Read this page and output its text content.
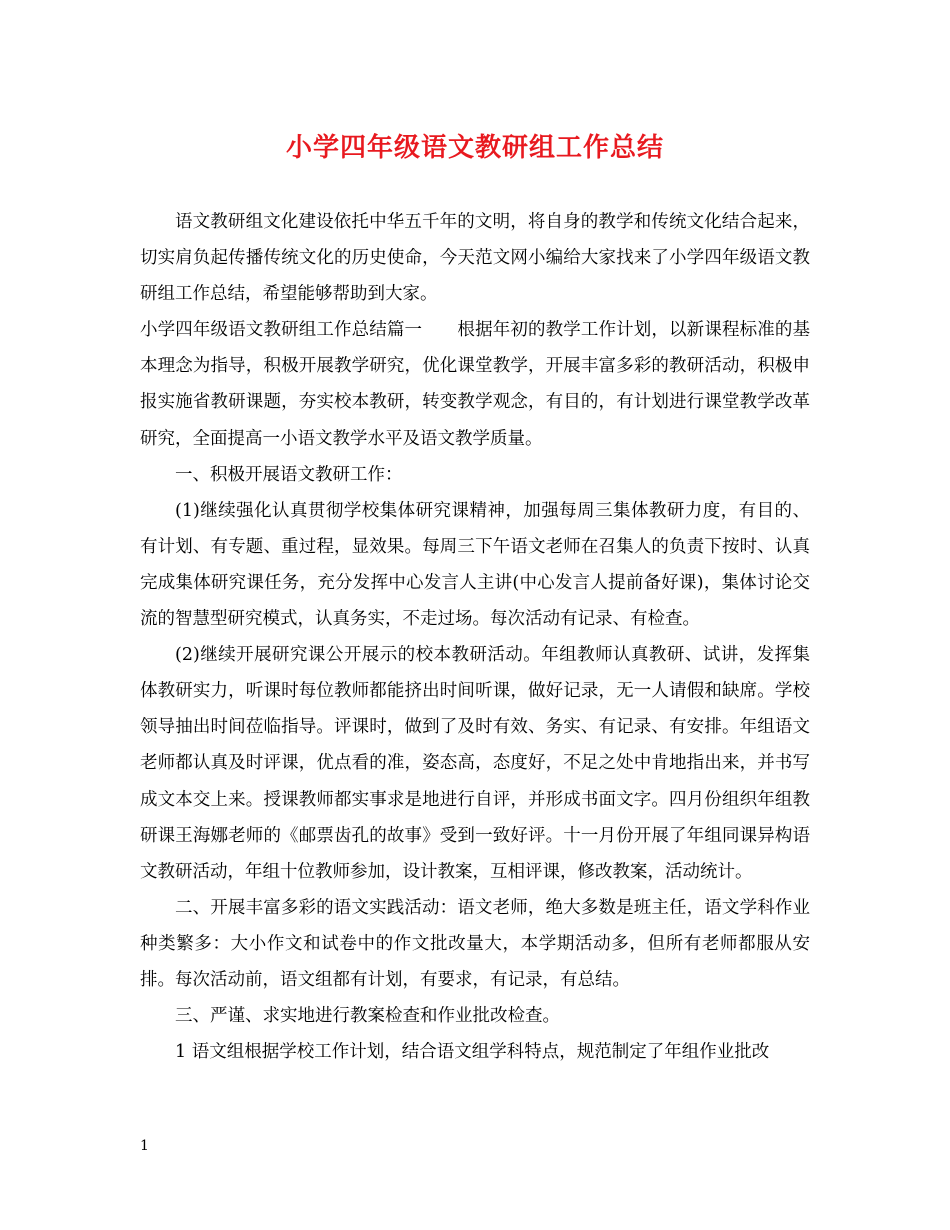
小学四年级语文教研组工作总结

语文教研组文化建设依托中华五千年的文明，将自身的教学和传统文化结合起来，切实肩负起传播传统文化的历史使命，今天范文网小编给大家找来了小学四年级语文教研组工作总结，希望能够帮助到大家。

小学四年级语文教研组工作总结篇一　　根据年初的教学工作计划，以新课程标准的基本理念为指导，积极开展教学研究，优化课堂教学，开展丰富多彩的教研活动，积极申报实施省教研课题，夯实校本教研，转变教学观念，有目的，有计划进行课堂教学改革研究，全面提高一小语文教学水平及语文教学质量。

一、积极开展语文教研工作：

(1)继续强化认真贯彻学校集体研究课精神，加强每周三集体教研力度，有目的、有计划、有专题、重过程，显效果。每周三下午语文老师在召集人的负责下按时、认真完成集体研究课任务，充分发挥中心发言人主讲(中心发言人提前备好课)，集体讨论交流的智慧型研究模式，认真务实，不走过场。每次活动有记录、有检查。

(2)继续开展研究课公开展示的校本教研活动。年组教师认真教研、试讲，发挥集体教研实力，听课时每位教师都能挤出时间听课，做好记录，无一人请假和缺席。学校领导抽出时间莅临指导。评课时，做到了及时有效、务实、有记录、有安排。年组语文老师都认真及时评课，优点看的准，姿态高，态度好，不足之处中肯地指出来，并书写成文本交上来。授课教师都实事求是地进行自评，并形成书面文字。四月份组织年组教研课王海娜老师的《邮票齿孔的故事》受到一致好评。十一月份开展了年组同课异构语文教研活动，年组十位教师参加，设计教案，互相评课，修改教案，活动统计。

二、开展丰富多彩的语文实践活动：语文老师，绝大多数是班主任，语文学科作业种类繁多：大小作文和试卷中的作文批改量大，本学期活动多，但所有老师都服从安排。每次活动前，语文组都有计划，有要求，有记录，有总结。

三、严谨、求实地进行教案检查和作业批改检查。

1 语文组根据学校工作计划，结合语文组学科特点，规范制定了年组作业批改

1
